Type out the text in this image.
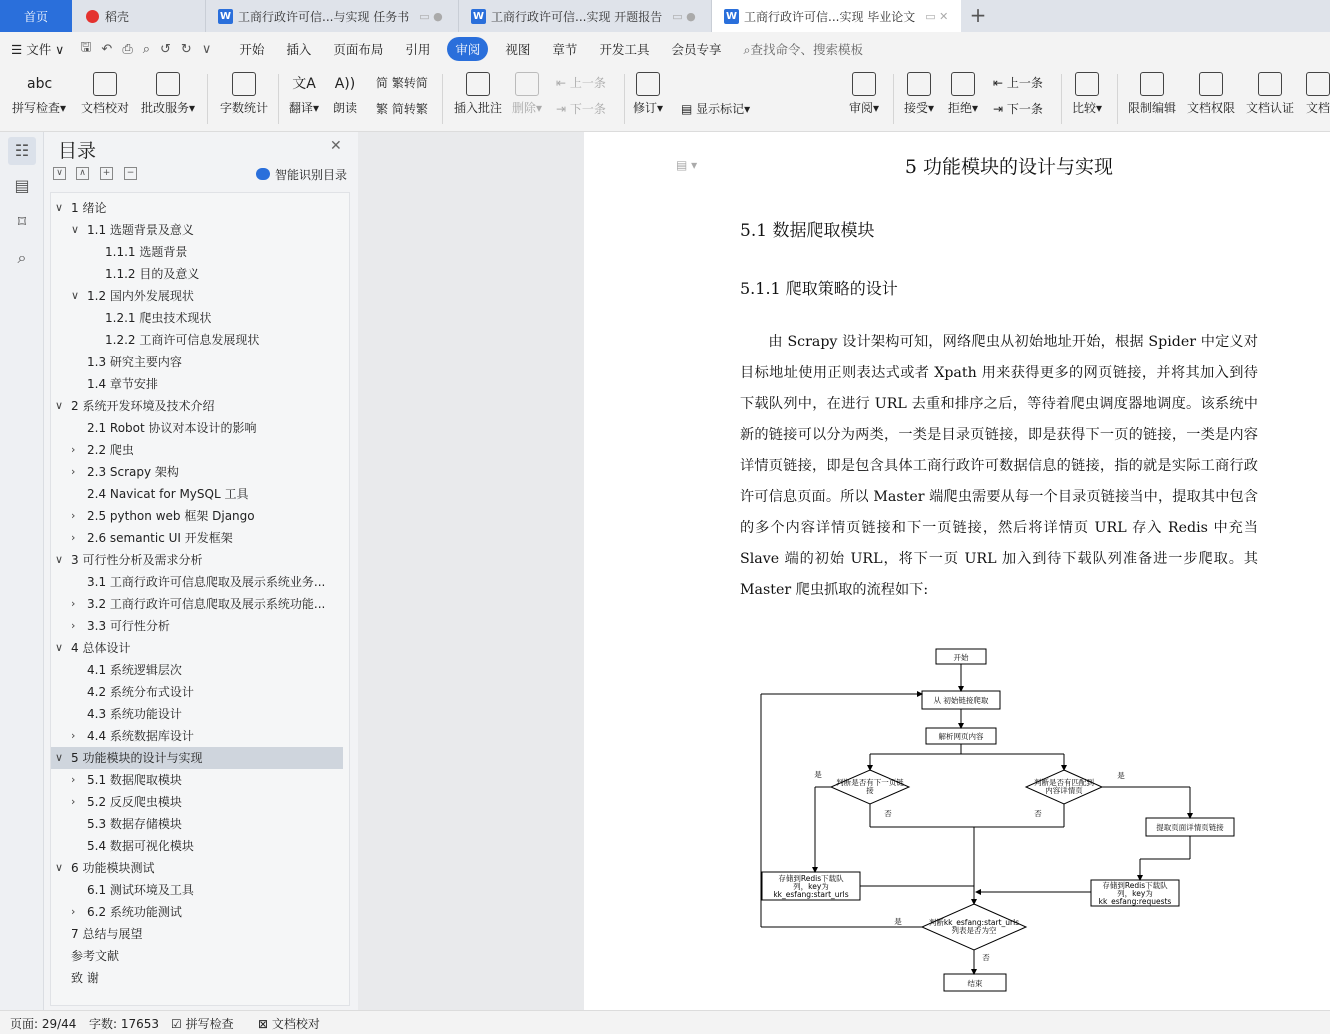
首页	稻壳	W 工商行政许可信...与实现 任务书 ▭ ●	W 工商行政许可信...实现 开题报告 ▭ ●	W 工商行政许可信...实现 毕业论文 ▭ ✕ +
☰ 文件 ∨	🖫 ↶ ⎙ ⌕ ↺ ↻ ∨	开始	插入	页面布局	引用	审阅	视图	章节	开发工具	会员专享	⌕查找命令、搜索模板
abc
拼写检查▾ 文档校对 批改服务▾ 字数统计
文A
翻译▾
A))
朗读
简 繁转简
繁 简转繁 插入批注 删除▾
⇤ 上一条
⇥ 下一条 修订▾
▾ ▤ 显示标记▾	审阅▾ 接受▾ 拒绝▾
⇤ 上一条
⇥ 下一条 比较▾ 限制编辑 文档权限 文档认证 文档
☷
▤
⌑
⌕
目录	✕
∨	∧	+	−	智能识别目录
∨ 1 绪论
∨ 1.1 选题背景及意义
1.1.1 选题背景
1.1.2 目的及意义
∨ 1.2 国内外发展现状
1.2.1 爬虫技术现状
1.2.2 工商许可信息发展现状
1.3 研究主要内容
1.4 章节安排
∨ 2 系统开发环境及技术介绍
2.1 Robot 协议对本设计的影响
› 2.2 爬虫
› 2.3 Scrapy 架构
2.4 Navicat for MySQL 工具
› 2.5 python web 框架 Django
› 2.6 semantic UI 开发框架
∨ 3 可行性分析及需求分析
3.1 工商行政许可信息爬取及展示系统业务...
› 3.2 工商行政许可信息爬取及展示系统功能...
› 3.3 可行性分析
∨ 4 总体设计
4.1 系统逻辑层次
4.2 系统分布式设计
4.3 系统功能设计
› 4.4 系统数据库设计
∨ 5 功能模块的设计与实现
› 5.1 数据爬取模块
› 5.2 反反爬虫模块
5.3 数据存储模块
5.4 数据可视化模块
∨ 6 功能模块测试
6.1 测试环境及工具
› 6.2 系统功能测试
7 总结与展望
参考文献
致 谢
▤ ▾	5 功能模块的设计与实现
5.1 数据爬取模块
5.1.1 爬取策略的设计
由 Scrapy 设计架构可知，网络爬虫从初始地址开始，根据 Spider 中定义对目标地址使用正则表达式或者 Xpath 用来获得更多的网页链接，并将其加入到待下载队列中，在进行 URL 去重和排序之后，等待着爬虫调度器地调度。该系统中新的链接可以分为两类，一类是目录页链接，即是获得下一页的链接，一类是内容详情页链接，即是包含具体工商行政许可数据信息的链接，指的就是实际工商行政许可信息页面。所以 Master 端爬虫需要从每一个目录页链接当中，提取其中包含的多个内容详情页链接和下一页链接，然后将详情页 URL 存入 Redis 中充当 Slave 端的初始 URL，将下一页 URL 加入到待下载队列准备进一步爬取。其 Master 爬虫抓取的流程如下:
开始
从 初始链接爬取
解析网页内容
判断是否有下一页链
接
判断是否有匹配到
内容详情页
存储到Redis下载队
列，key为
kk_esfang:start_urls
判断kk_esfang:start_urls
列表是否为空
结束
是
否	否
是
否
提取页面详情页链接
存储到Redis下载队
列，key为
kk_esfang:requests
是
页面: 29/44 字数: 17653 ☑ 拼写检查 ⊠ 文档校对
